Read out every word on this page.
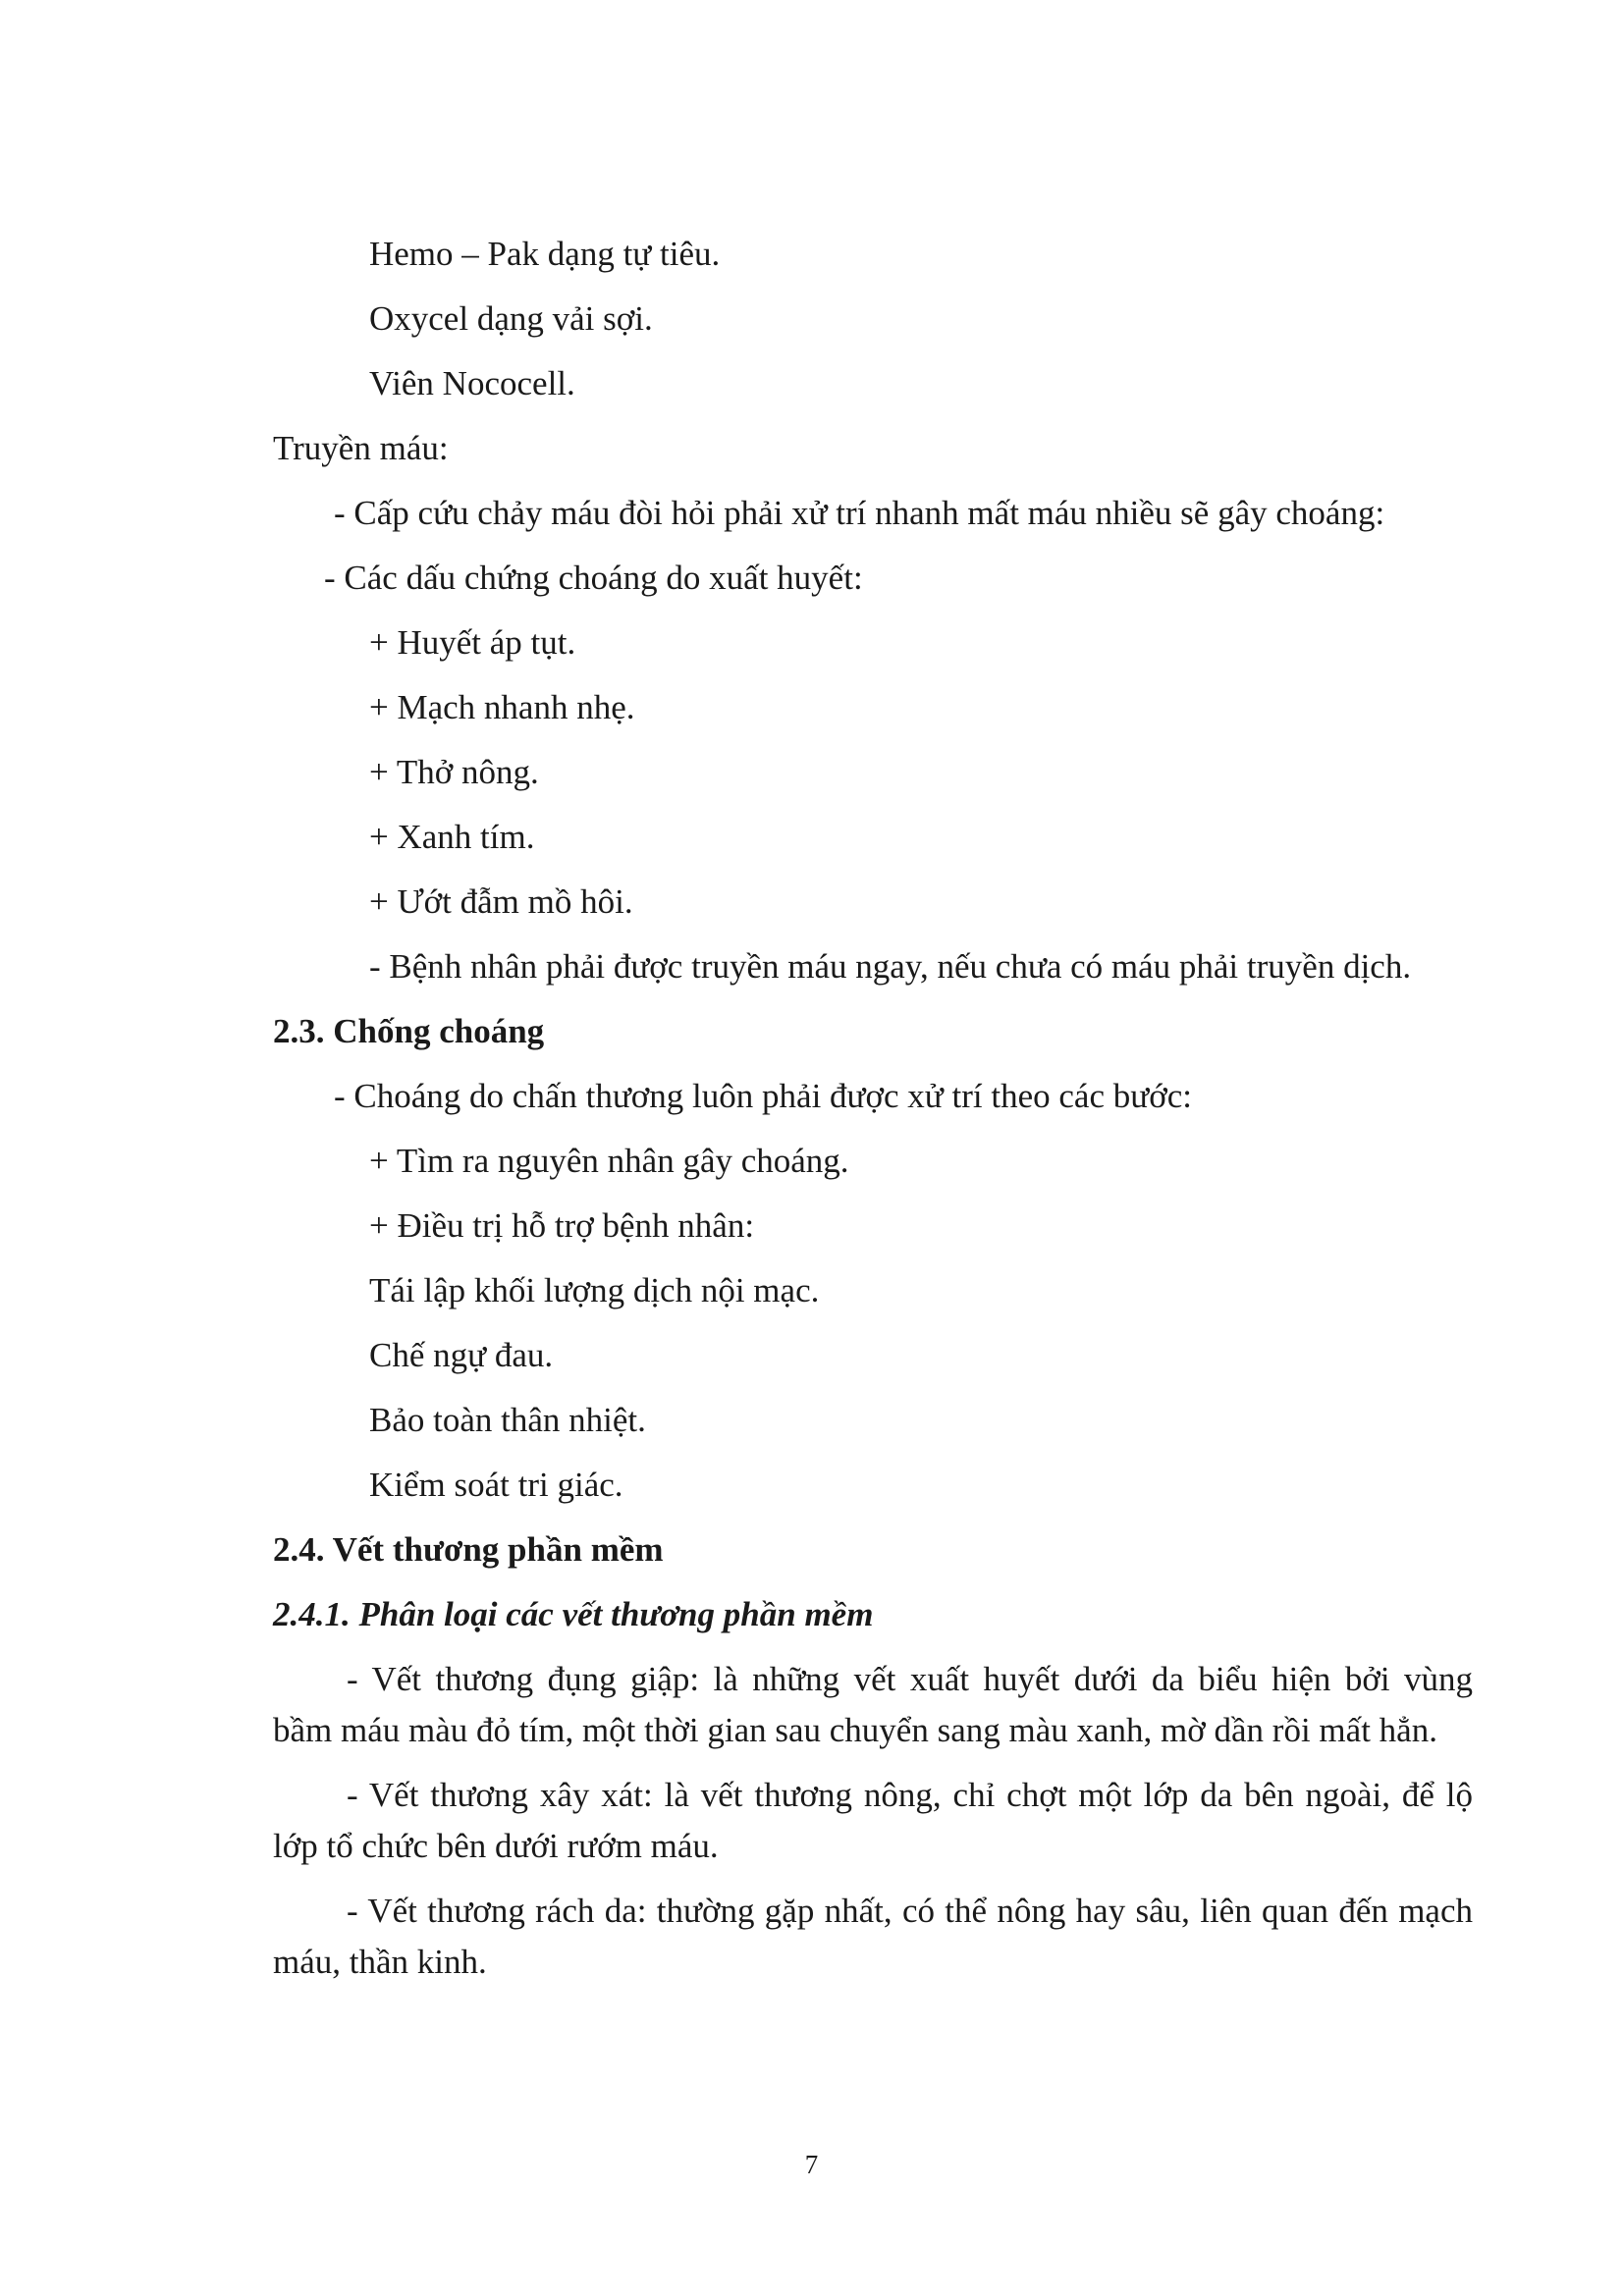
Hemo – Pak dạng tự tiêu.
Oxycel dạng vải sợi.
Viên Nococell.
Truyền máu:
- Cấp cứu chảy máu đòi hỏi phải xử trí nhanh mất máu nhiều sẽ gây choáng:
- Các dấu chứng choáng do xuất huyết:
+ Huyết áp tụt.
+ Mạch nhanh nhẹ.
+ Thở nông.
+ Xanh tím.
+ Ướt đẫm mồ hôi.
- Bệnh nhân phải được truyền máu ngay, nếu chưa có máu phải truyền dịch.
2.3. Chống choáng
- Choáng do chấn thương luôn phải được xử trí theo các bước:
+ Tìm ra nguyên nhân gây choáng.
+ Điều trị hỗ trợ bệnh nhân:
Tái lập khối lượng dịch nội mạc.
Chế ngự đau.
Bảo toàn thân nhiệt.
Kiểm soát tri giác.
2.4. Vết thương phần mềm
2.4.1. Phân loại các vết thương phần mềm
- Vết thương đụng giập: là những vết xuất huyết dưới da biểu hiện bởi vùng
bầm máu màu đỏ tím, một thời gian sau chuyển sang màu xanh, mờ dần rồi mất hẳn.
- Vết thương xây xát: là vết thương nông, chỉ chợt một lớp da bên ngoài, để lộ
lớp tổ chức bên dưới rướm máu.
- Vết thương rách da: thường gặp nhất, có thể nông hay sâu, liên quan đến mạch
máu, thần kinh.
7
